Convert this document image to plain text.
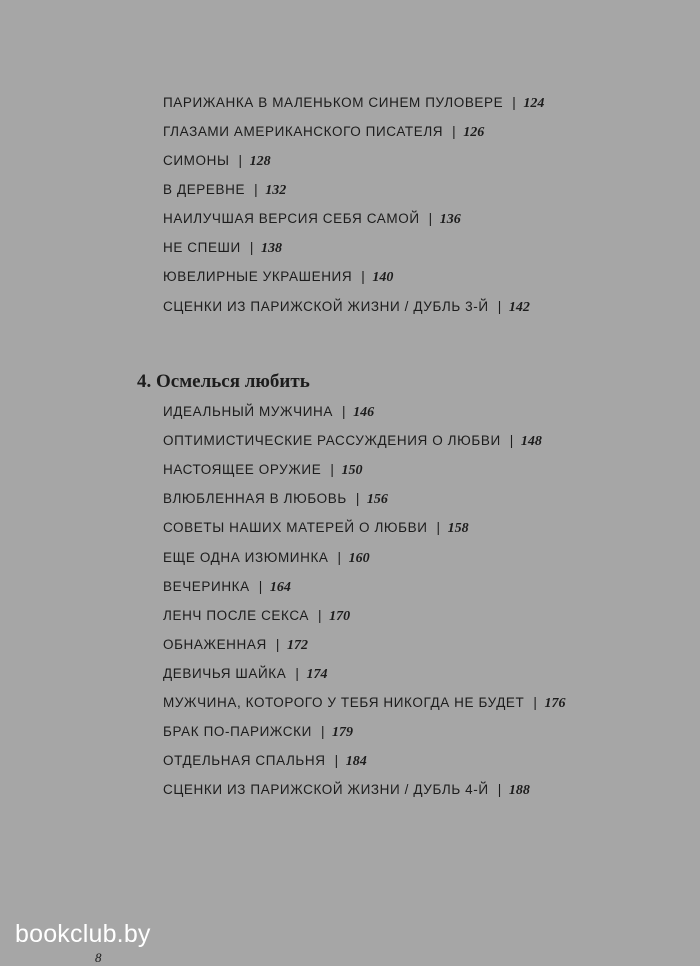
ПАРИЖАНКА В МАЛЕНЬКОМ СИНЕМ ПУЛОВЕРЕ | 124
ГЛАЗАМИ АМЕРИКАНСКОГО ПИСАТЕЛЯ | 126
СИМОНЫ | 128
В ДЕРЕВНЕ | 132
НАИЛУЧШАЯ ВЕРСИЯ СЕБЯ САМОЙ | 136
НЕ СПЕШИ | 138
ЮВЕЛИРНЫЕ УКРАШЕНИЯ | 140
СЦЕНКИ ИЗ ПАРИЖСКОЙ ЖИЗНИ / ДУБЛЬ 3-Й | 142
4. Осмелься любить
ИДЕАЛЬНЫЙ МУЖЧИНА | 146
ОПТИМИСТИЧЕСКИЕ РАССУЖДЕНИЯ О ЛЮБВИ | 148
НАСТОЯЩЕЕ ОРУЖИЕ | 150
ВЛЮБЛЕННАЯ В ЛЮБОВЬ | 156
СОВЕТЫ НАШИХ МАТЕРЕЙ О ЛЮБВИ | 158
ЕЩЕ ОДНА ИЗЮМИНКА | 160
ВЕЧЕРИНКА | 164
ЛЕНЧ ПОСЛЕ СЕКСА | 170
ОБНАЖЕННАЯ | 172
ДЕВИЧЬЯ ШАЙКА | 174
МУЖЧИНА, КОТОРОГО У ТЕБЯ НИКОГДА НЕ БУДЕТ | 176
БРАК ПО-ПАРИЖСКИ | 179
ОТДЕЛЬНАЯ СПАЛЬНЯ | 184
СЦЕНКИ ИЗ ПАРИЖСКОЙ ЖИЗНИ / ДУБЛЬ 4-Й | 188
bookclub.by
8
